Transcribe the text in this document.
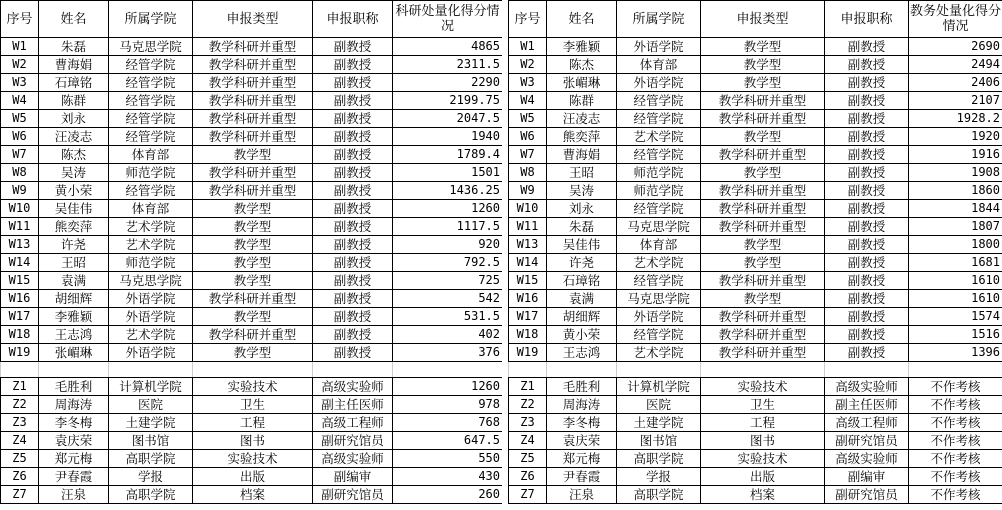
序号	姓名	所属学院	申报类型	申报职称	科研处量化得分情况
W1	朱磊	马克思学院	教学科研并重型	副教授	4865
W2	曹海娟	经管学院	教学科研并重型	副教授	2311.5
W3	石璋铭	经管学院	教学科研并重型	副教授	2290
W4	陈群	经管学院	教学科研并重型	副教授	2199.75
W5	刘永	经管学院	教学科研并重型	副教授	2047.5
W6	汪凌志	经管学院	教学科研并重型	副教授	1940
W7	陈杰	体育部	教学型	副教授	1789.4
W8	吴涛	师范学院	教学科研并重型	副教授	1501
W9	黄小荣	经管学院	教学科研并重型	副教授	1436.25
W10	吴佳伟	体育部	教学型	副教授	1260
W11	熊奕萍	艺术学院	教学型	副教授	1117.5
W13	许尧	艺术学院	教学型	副教授	920
W14	王昭	师范学院	教学型	副教授	792.5
W15	袁满	马克思学院	教学型	副教授	725
W16	胡细辉	外语学院	教学科研并重型	副教授	542
W17	李雅颖	外语学院	教学型	副教授	531.5
W18	王志鸿	艺术学院	教学科研并重型	副教授	402
W19	张嵋琳	外语学院	教学型	副教授	376

Z1	毛胜利	计算机学院	实验技术	高级实验师	1260
Z2	周海涛	医院	卫生	副主任医师	978
Z3	李冬梅	土建学院	工程	高级工程师	768
Z4	袁庆荣	图书馆	图书	副研究馆员	647.5
Z5	郑元梅	高职学院	实验技术	高级实验师	550
Z6	尹春霞	学报	出版	副编审	430
Z7	汪泉	高职学院	档案	副研究馆员	260
序号	姓名	所属学院	申报类型	申报职称	教务处量化得分情况
W1	李雅颖	外语学院	教学型	副教授	2690
W2	陈杰	体育部	教学型	副教授	2494
W3	张嵋琳	外语学院	教学型	副教授	2406
W4	陈群	经管学院	教学科研并重型	副教授	2107
W5	汪凌志	经管学院	教学科研并重型	副教授	1928.2
W6	熊奕萍	艺术学院	教学型	副教授	1920
W7	曹海娟	经管学院	教学科研并重型	副教授	1916
W8	王昭	师范学院	教学型	副教授	1908
W9	吴涛	师范学院	教学科研并重型	副教授	1860
W10	刘永	经管学院	教学科研并重型	副教授	1844
W11	朱磊	马克思学院	教学科研并重型	副教授	1807
W13	吴佳伟	体育部	教学型	副教授	1800
W14	许尧	艺术学院	教学型	副教授	1681
W15	石璋铭	经管学院	教学科研并重型	副教授	1610
W16	袁满	马克思学院	教学型	副教授	1610
W17	胡细辉	外语学院	教学科研并重型	副教授	1574
W18	黄小荣	经管学院	教学科研并重型	副教授	1516
W19	王志鸿	艺术学院	教学科研并重型	副教授	1396

Z1	毛胜利	计算机学院	实验技术	高级实验师	不作考核
Z2	周海涛	医院	卫生	副主任医师	不作考核
Z3	李冬梅	土建学院	工程	高级工程师	不作考核
Z4	袁庆荣	图书馆	图书	副研究馆员	不作考核
Z5	郑元梅	高职学院	实验技术	高级实验师	不作考核
Z6	尹春霞	学报	出版	副编审	不作考核
Z7	汪泉	高职学院	档案	副研究馆员	不作考核
